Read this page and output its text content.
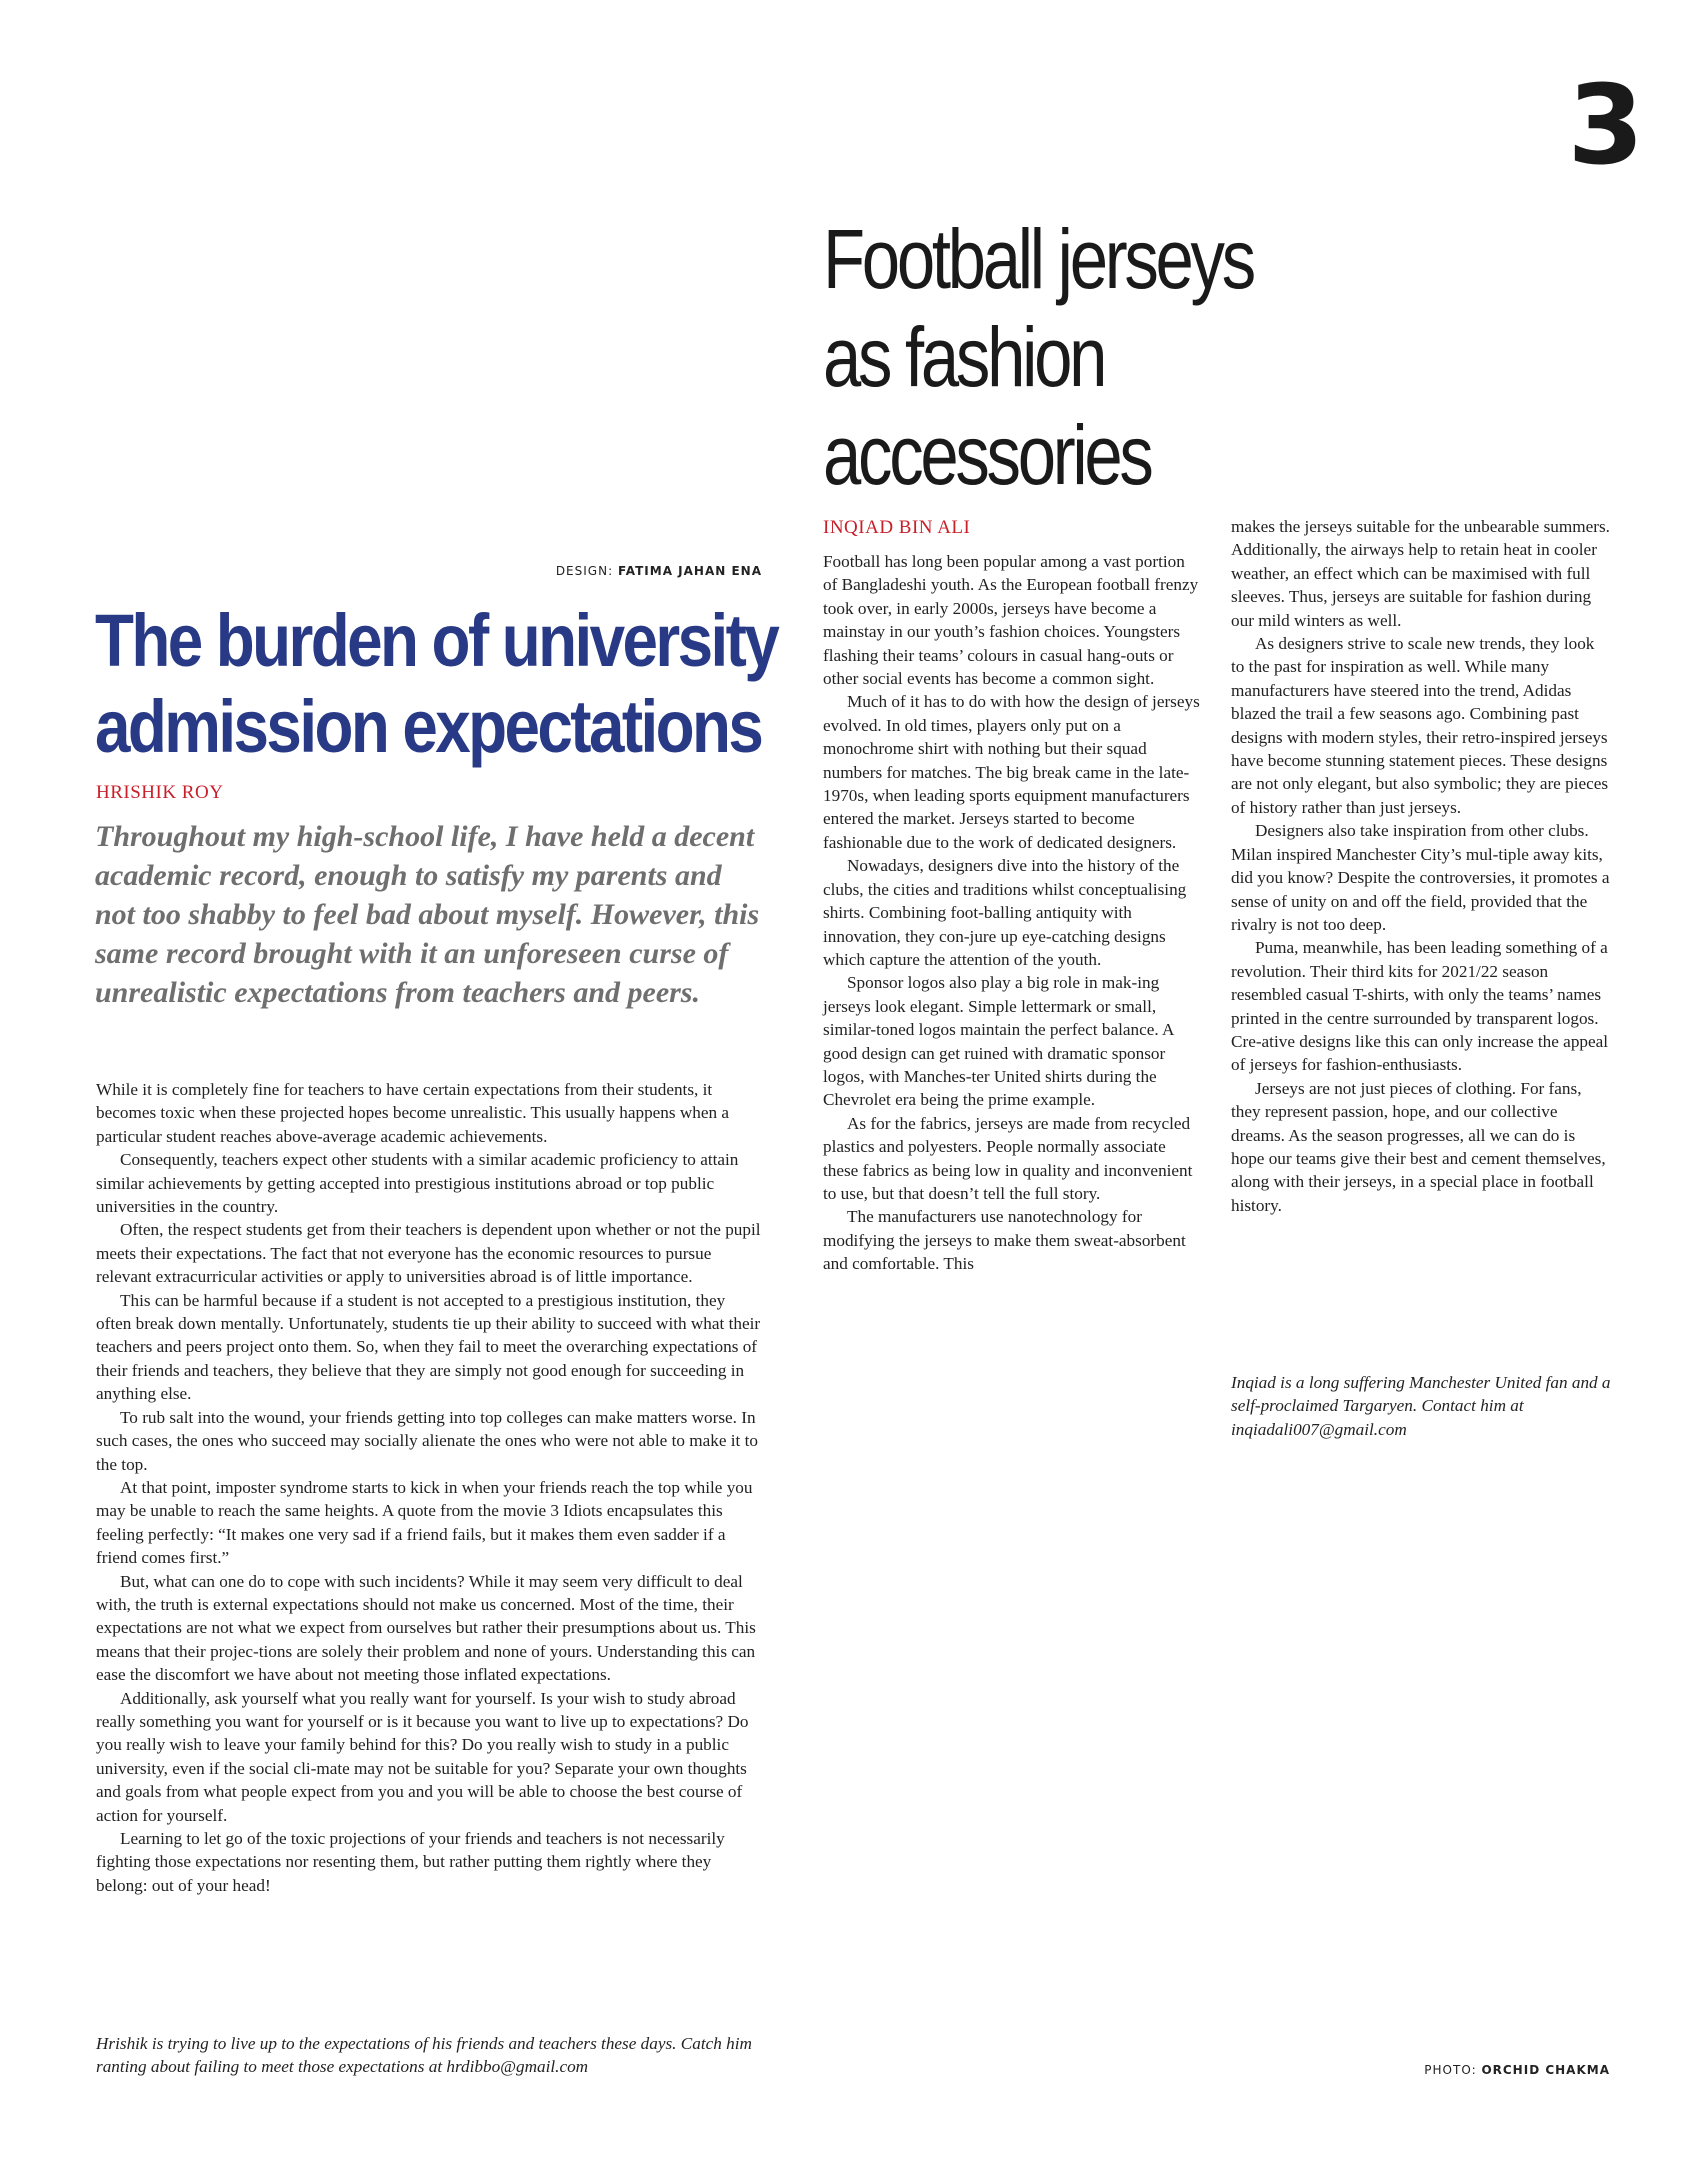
3
Football jerseys
as fashion
accessories
INQIAD BIN ALI

Football has long been popular among a vast portion of Bangladeshi youth. As the European football frenzy took over, in early 2000s, jerseys have become a mainstay in our youth’s fashion choices. Youngsters flashing their teams’ colours in casual hang-outs or other social events has become a common sight.

Much of it has to do with how the design of jerseys evolved. In old times, players only put on a monochrome shirt with nothing but their squad numbers for matches. The big break came in the late-1970s, when leading sports equipment manufacturers entered the market. Jerseys started to become fashionable due to the work of dedicated designers.

Nowadays, designers dive into the history of the clubs, the cities and traditions whilst conceptualising shirts. Combining foot-balling antiquity with innovation, they con-jure up eye-catching designs which capture the attention of the youth.

Sponsor logos also play a big role in mak-ing jerseys look elegant. Simple lettermark or small, similar-toned logos maintain the perfect balance. A good design can get ruined with dramatic sponsor logos, with Manches-ter United shirts during the Chevrolet era being the prime example.

As for the fabrics, jerseys are made from recycled plastics and polyesters. People normally associate these fabrics as being low in quality and inconvenient to use, but that doesn’t tell the full story.

The manufacturers use nanotechnology for modifying the jerseys to make them sweat-absorbent and comfortable. This

makes the jerseys suitable for the unbearable summers. Additionally, the airways help to retain heat in cooler weather, an effect which can be maximised with full sleeves. Thus, jerseys are suitable for fashion during our mild winters as well.

As designers strive to scale new trends, they look to the past for inspiration as well. While many manufacturers have steered into the trend, Adidas blazed the trail a few seasons ago. Combining past designs with modern styles, their retro-inspired jerseys have become stunning statement pieces. These designs are not only elegant, but also symbolic; they are pieces of history rather than just jerseys.

Designers also take inspiration from other clubs. Milan inspired Manchester City’s mul-tiple away kits, did you know? Despite the controversies, it promotes a sense of unity on and off the field, provided that the rivalry is not too deep.

Puma, meanwhile, has been leading something of a revolution. Their third kits for 2021/22 season resembled casual T-shirts, with only the teams’ names printed in the centre surrounded by transparent logos. Cre-ative designs like this can only increase the appeal of jerseys for fashion-enthusiasts.

Jerseys are not just pieces of clothing. For fans, they represent passion, hope, and our collective dreams. As the season progresses, all we can do is hope our teams give their best and cement themselves, along with their jerseys, in a special place in football history.

Inqiad is a long suffering Manchester United fan and a self-proclaimed Targaryen. Contact him at inqiadali007@gmail.com
DESIGN: FATIMA JAHAN ENA
The burden of university
admission expectations
HRISHIK ROY
Throughout my high-school life, I have held a decent academic record, enough to satisfy my parents and not too shabby to feel bad about myself. However, this same record brought with it an unforeseen curse of unrealistic expectations from teachers and peers.

While it is completely fine for teachers to have certain expectations from their students, it becomes toxic when these projected hopes become unrealistic. This usually happens when a particular student reaches above-average academic achievements.

Consequently, teachers expect other students with a similar academic proficiency to attain similar achievements by getting accepted into prestigious institutions abroad or top public universities in the country.

Often, the respect students get from their teachers is dependent upon whether or not the pupil meets their expectations. The fact that not everyone has the economic resources to pursue relevant extracurricular activities or apply to universities abroad is of little importance.

This can be harmful because if a student is not accepted to a prestigious institution, they often break down mentally. Unfortunately, students tie up their ability to succeed with what their teachers and peers project onto them. So, when they fail to meet the overarching expectations of their friends and teachers, they believe that they are simply not good enough for succeeding in anything else.

To rub salt into the wound, your friends getting into top colleges can make matters worse. In such cases, the ones who succeed may socially alienate the ones who were not able to make it to the top.

At that point, imposter syndrome starts to kick in when your friends reach the top while you may be unable to reach the same heights. A quote from the movie 3 Idiots encapsulates this feeling perfectly: “It makes one very sad if a friend fails, but it makes them even sadder if a friend comes first.”

But, what can one do to cope with such incidents? While it may seem very difficult to deal with, the truth is external expectations should not make us concerned. Most of the time, their expectations are not what we expect from ourselves but rather their presumptions about us. This means that their projec-tions are solely their problem and none of yours. Understanding this can ease the discomfort we have about not meeting those inflated expectations.

Additionally, ask yourself what you really want for yourself. Is your wish to study abroad really something you want for yourself or is it because you want to live up to expectations? Do you really wish to leave your family behind for this? Do you really wish to study in a public university, even if the social cli-mate may not be suitable for you? Separate your own thoughts and goals from what people expect from you and you will be able to choose the best course of action for yourself.

Learning to let go of the toxic projections of your friends and teachers is not necessarily fighting those expectations nor resenting them, but rather putting them rightly where they belong: out of your head!

Hrishik is trying to live up to the expectations of his friends and teachers these days. Catch him ranting about failing to meet those expectations at hrdibbo@gmail.com	PHOTO: ORCHID CHAKMA
